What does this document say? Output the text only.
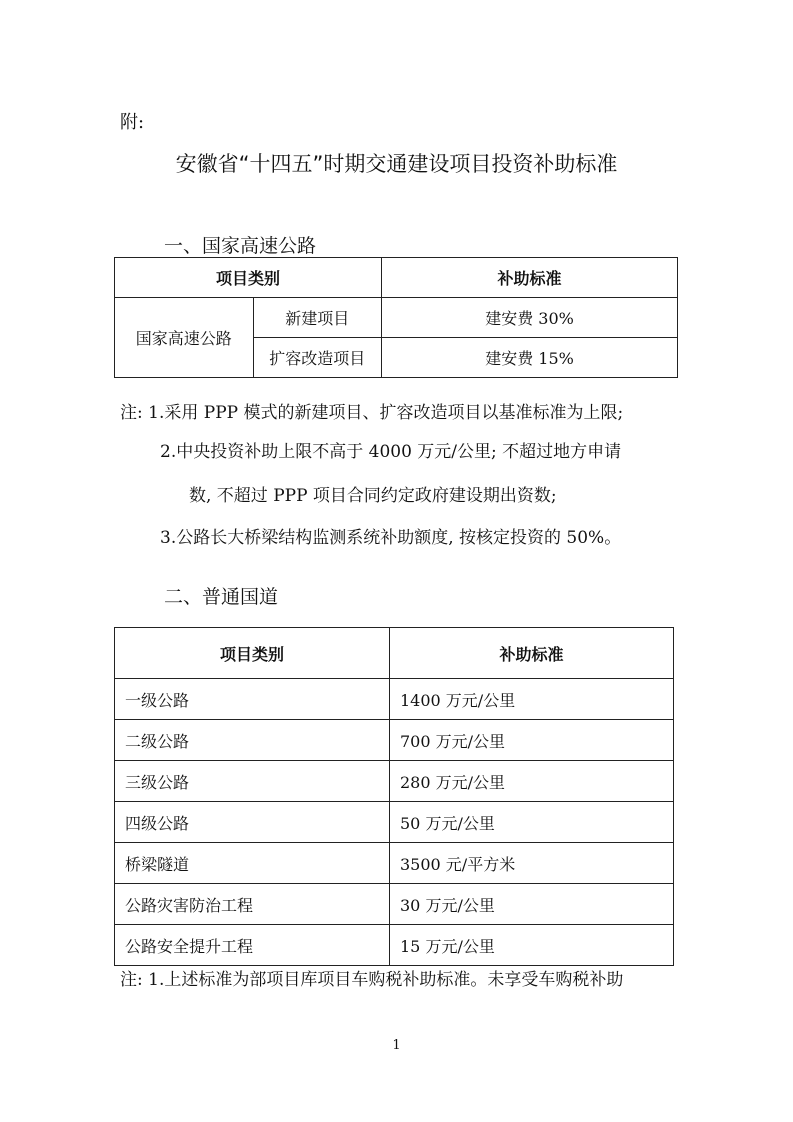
附:
安徽省“十四五”时期交通建设项目投资补助标准
一、国家高速公路
项目类别		补助标准
国家高速公路	新建项目	建安费 30%
	扩容改造项目	建安费 15%
注: 1.采用 PPP 模式的新建项目、扩容改造项目以基准标准为上限;
2.中央投资补助上限不高于 4000 万元/公里; 不超过地方申请
数, 不超过 PPP 项目合同约定政府建设期出资数;
3.公路长大桥梁结构监测系统补助额度, 按核定投资的 50%。
二、普通国道
项目类别	补助标准
一级公路	1400 万元/公里
二级公路	700 万元/公里
三级公路	280 万元/公里
四级公路	50 万元/公里
桥梁隧道	3500 元/平方米
公路灾害防治工程	30 万元/公里
公路安全提升工程	15 万元/公里
注: 1.上述标准为部项目库项目车购税补助标准。未享受车购税补助
1
